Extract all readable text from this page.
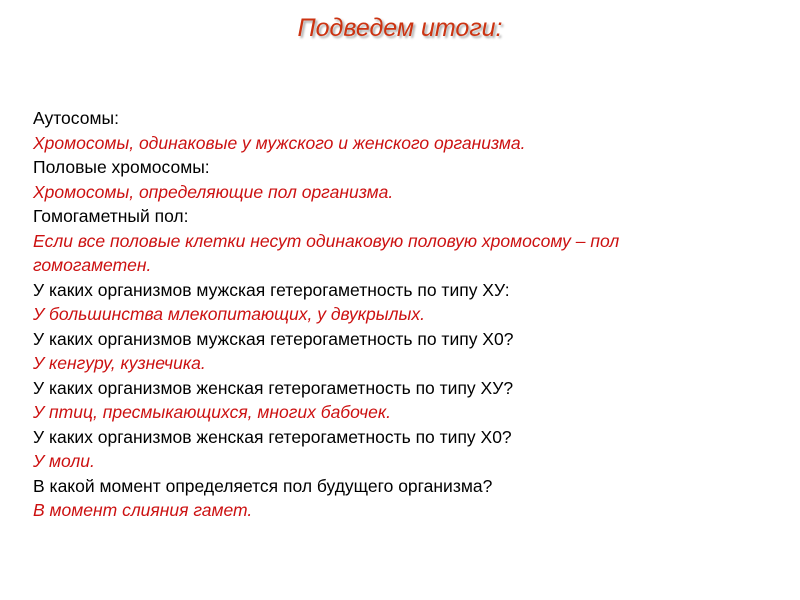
Подведем итоги:

Аутосомы:

Хромосомы, одинаковые у мужского и женского организма.

Половые хромосомы:

Хромосомы, определяющие пол организма.

Гомогаметный пол:

Если все половые клетки несут одинаковую половую хромосому – пол

гомогаметен.

У каких организмов мужская гетерогаметность по типу ХУ:

У большинства млекопитающих, у двукрылых.

У каких организмов мужская гетерогаметность по типу Х0?

У кенгуру, кузнечика.

У каких организмов женская гетерогаметность по типу ХУ?

У птиц, пресмыкающихся, многих бабочек.

У каких организмов женская гетерогаметность по типу Х0?

У моли.

В какой момент определяется пол будущего организма?

В момент слияния гамет.
